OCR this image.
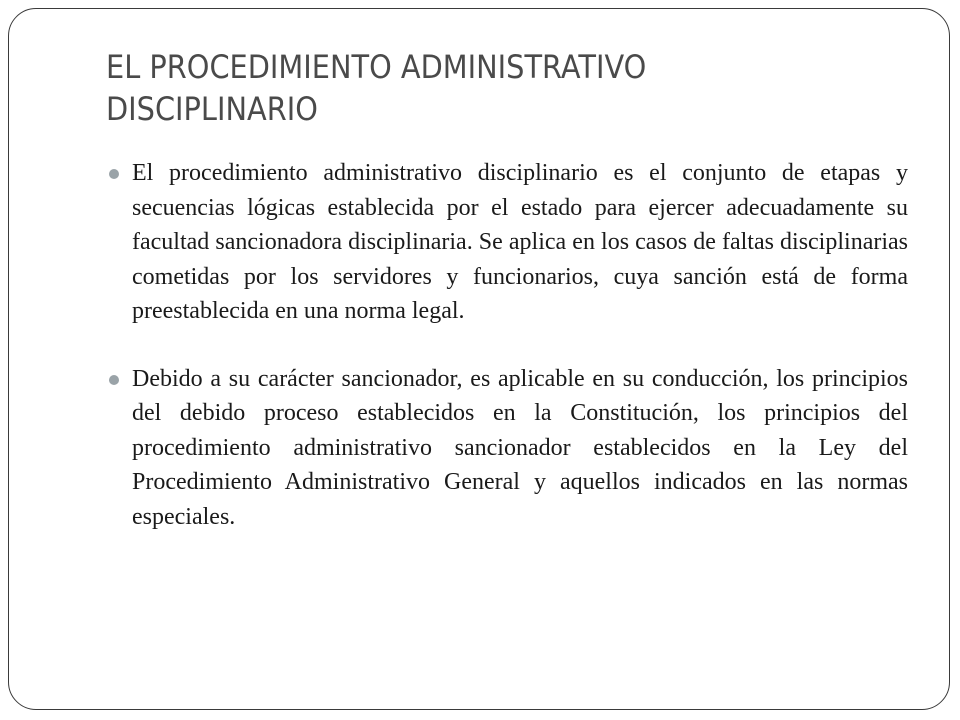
EL PROCEDIMIENTO ADMINISTRATIVO DISCIPLINARIO
El procedimiento administrativo disciplinario es el conjunto de etapas y secuencias lógicas establecida por el estado para ejercer adecuadamente su facultad sancionadora disciplinaria. Se aplica en los casos de faltas disciplinarias cometidas por los servidores y funcionarios, cuya sanción está de forma preestablecida en una norma legal.
Debido a su carácter sancionador, es aplicable en su conducción, los principios del debido proceso establecidos en la Constitución, los principios del procedimiento administrativo sancionador establecidos en la Ley del Procedimiento Administrativo General y aquellos indicados en las normas especiales.
